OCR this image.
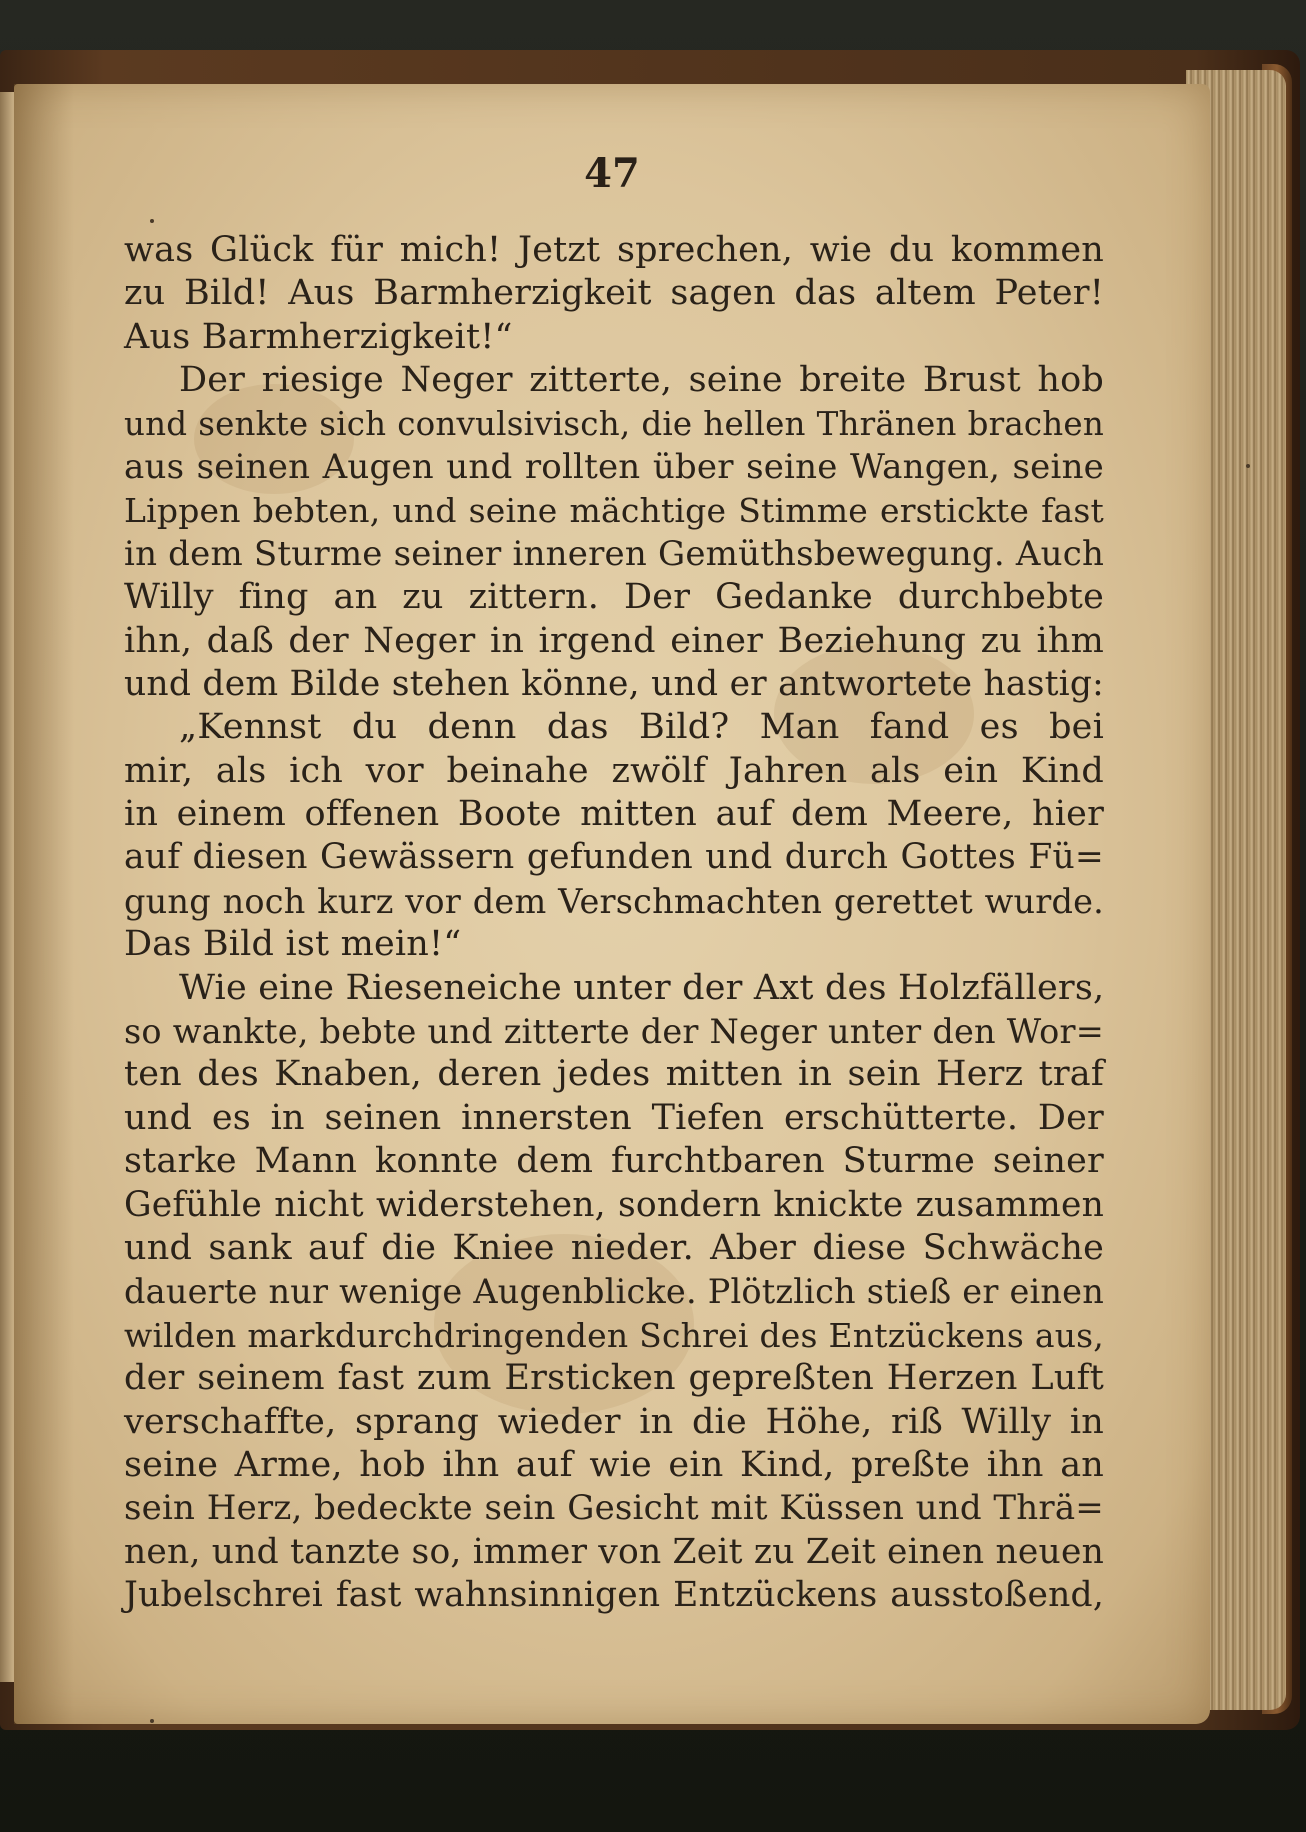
47
was Glück für mich! Jetzt sprechen, wie du kommen
zu Bild! Aus Barmherzigkeit sagen das altem Peter!
Aus Barmherzigkeit!“
Der riesige Neger zitterte, seine breite Brust hob
und senkte sich convulsivisch, die hellen Thränen brachen
aus seinen Augen und rollten über seine Wangen, seine
Lippen bebten, und seine mächtige Stimme erstickte fast
in dem Sturme seiner inneren Gemüthsbewegung. Auch
Willy fing an zu zittern. Der Gedanke durchbebte
ihn, daß der Neger in irgend einer Beziehung zu ihm
und dem Bilde stehen könne, und er antwortete hastig:
„Kennst du denn das Bild? Man fand es bei
mir, als ich vor beinahe zwölf Jahren als ein Kind
in einem offenen Boote mitten auf dem Meere, hier
auf diesen Gewässern gefunden und durch Gottes Fü=
gung noch kurz vor dem Verschmachten gerettet wurde.
Das Bild ist mein!“
Wie eine Rieseneiche unter der Axt des Holzfällers,
so wankte, bebte und zitterte der Neger unter den Wor=
ten des Knaben, deren jedes mitten in sein Herz traf
und es in seinen innersten Tiefen erschütterte. Der
starke Mann konnte dem furchtbaren Sturme seiner
Gefühle nicht widerstehen, sondern knickte zusammen
und sank auf die Kniee nieder. Aber diese Schwäche
dauerte nur wenige Augenblicke. Plötzlich stieß er einen
wilden markdurchdringenden Schrei des Entzückens aus,
der seinem fast zum Ersticken gepreßten Herzen Luft
verschaffte, sprang wieder in die Höhe, riß Willy in
seine Arme, hob ihn auf wie ein Kind, preßte ihn an
sein Herz, bedeckte sein Gesicht mit Küssen und Thrä=
nen, und tanzte so, immer von Zeit zu Zeit einen neuen
Jubelschrei fast wahnsinnigen Entzückens ausstoßend,
